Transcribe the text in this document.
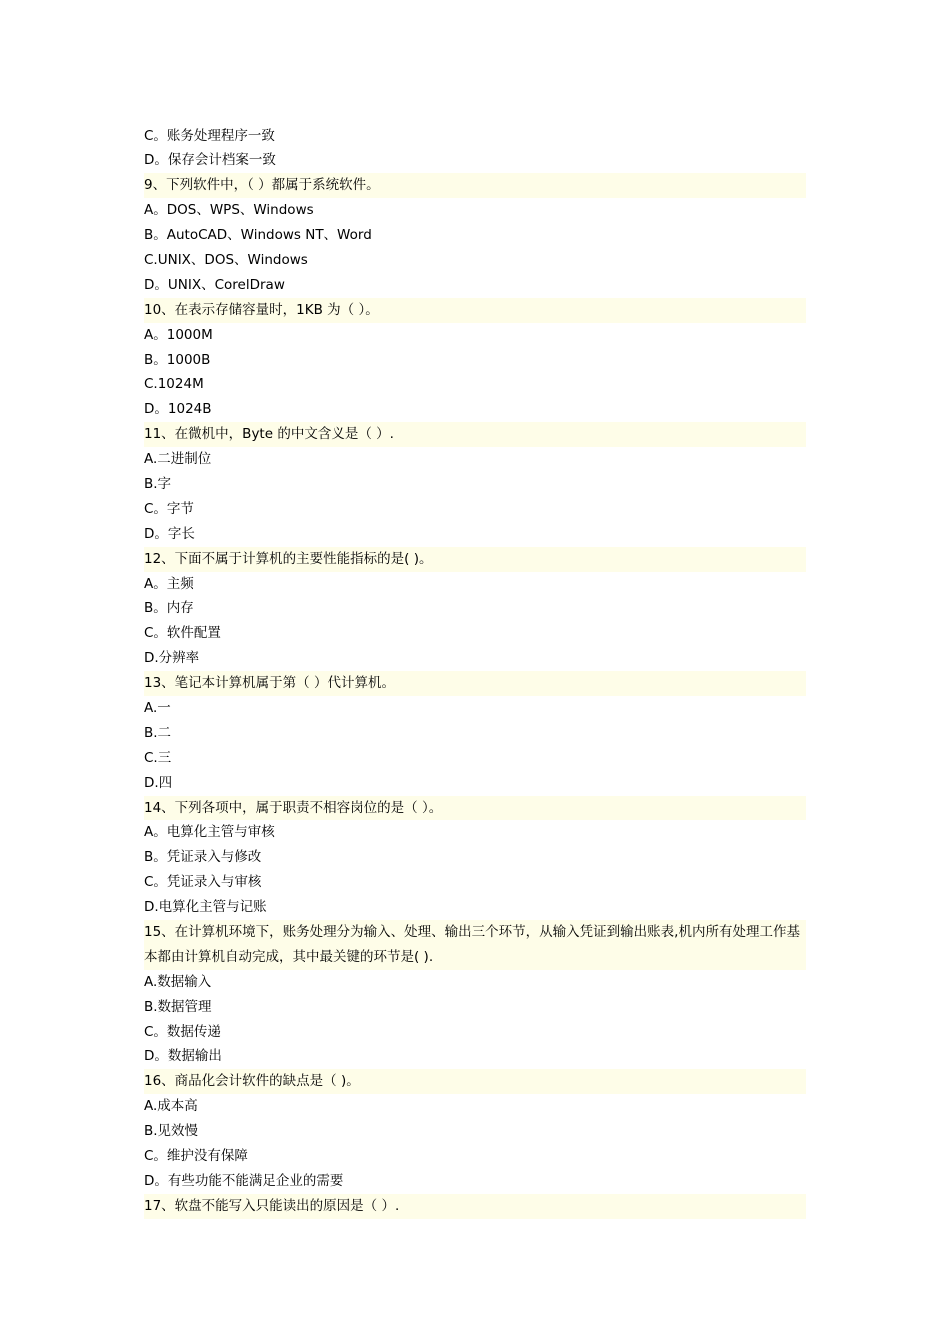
C。账务处理程序一致
D。保存会计档案一致
9、下列软件中，（ ）都属于系统软件。
A。DOS、WPS、Windows
B。AutoCAD、Windows NT、Word
C.UNIX、DOS、Windows
D。UNIX、CorelDraw
10、在表示存储容量时，1KB 为（ ）。
A。1000M
B。1000B
C.1024M
D。1024B
11、在微机中，Byte 的中文含义是（ ）.
A.二进制位
B.字
C。字节
D。字长
12、下面不属于计算机的主要性能指标的是( )。
A。主频
B。内存
C。软件配置
D.分辨率
13、笔记本计算机属于第（ ）代计算机。
A.一
B.二
C.三
D.四
14、下列各项中，属于职责不相容岗位的是（ ）。
A。电算化主管与审核
B。凭证录入与修改
C。凭证录入与审核
D.电算化主管与记账
15、在计算机环境下，账务处理分为输入、处理、输出三个环节，从输入凭证到输出账表,机内所有处理工作基本都由计算机自动完成，其中最关键的环节是( ).
A.数据输入
B.数据管理
C。数据传递
D。数据输出
16、商品化会计软件的缺点是（ )。
A.成本高
B.见效慢
C。维护没有保障
D。有些功能不能满足企业的需要
17、软盘不能写入只能读出的原因是（ ）.
